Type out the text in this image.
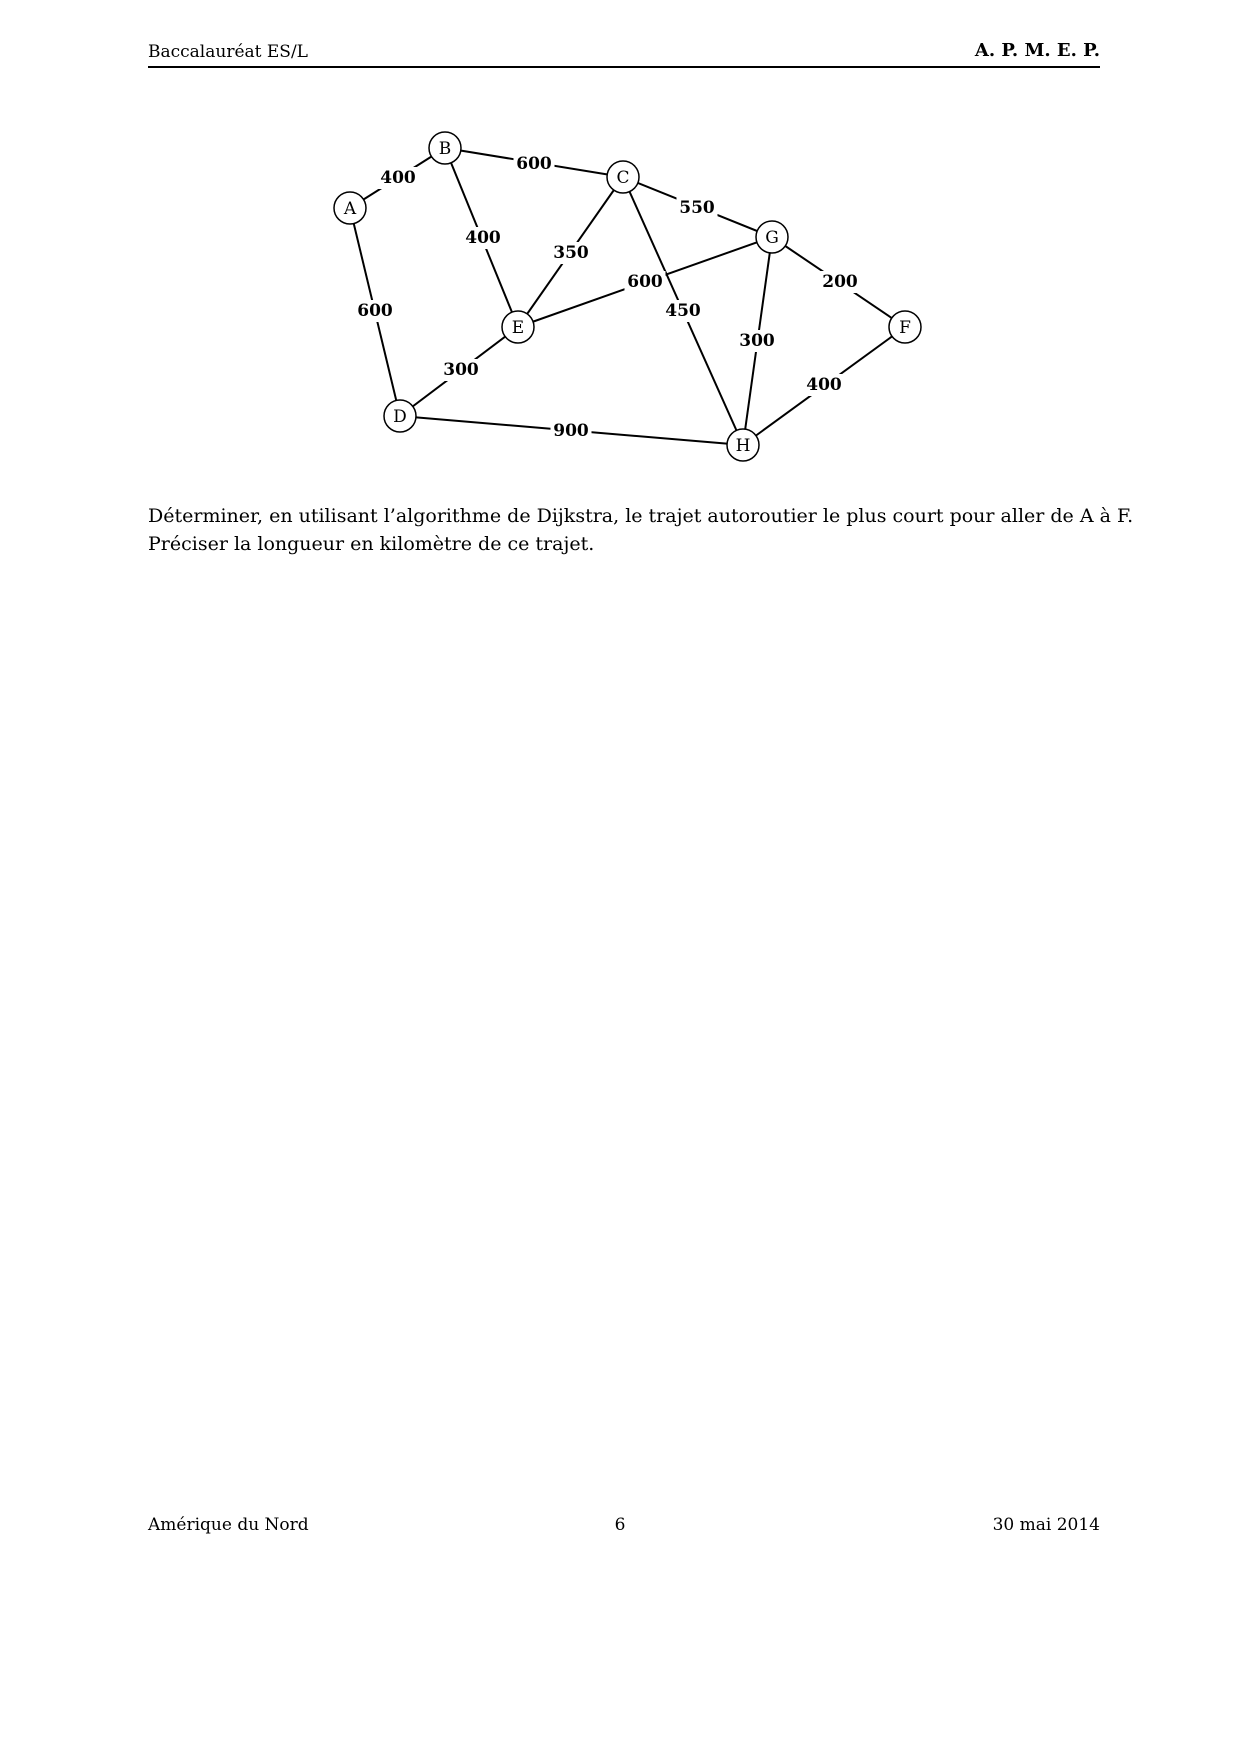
Baccalauréat ES/L	A. P. M. E. P.
400
600
600
400
350
550
450
600
300
900
300
200
400
A
B
C
D
E	F
G
H

Déterminer, en utilisant l’algorithme de Dijkstra, le trajet autoroutier le plus court pour aller de A à F.

Préciser la longueur en kilomètre de ce trajet.

Amérique du Nord	6	30 mai 2014
